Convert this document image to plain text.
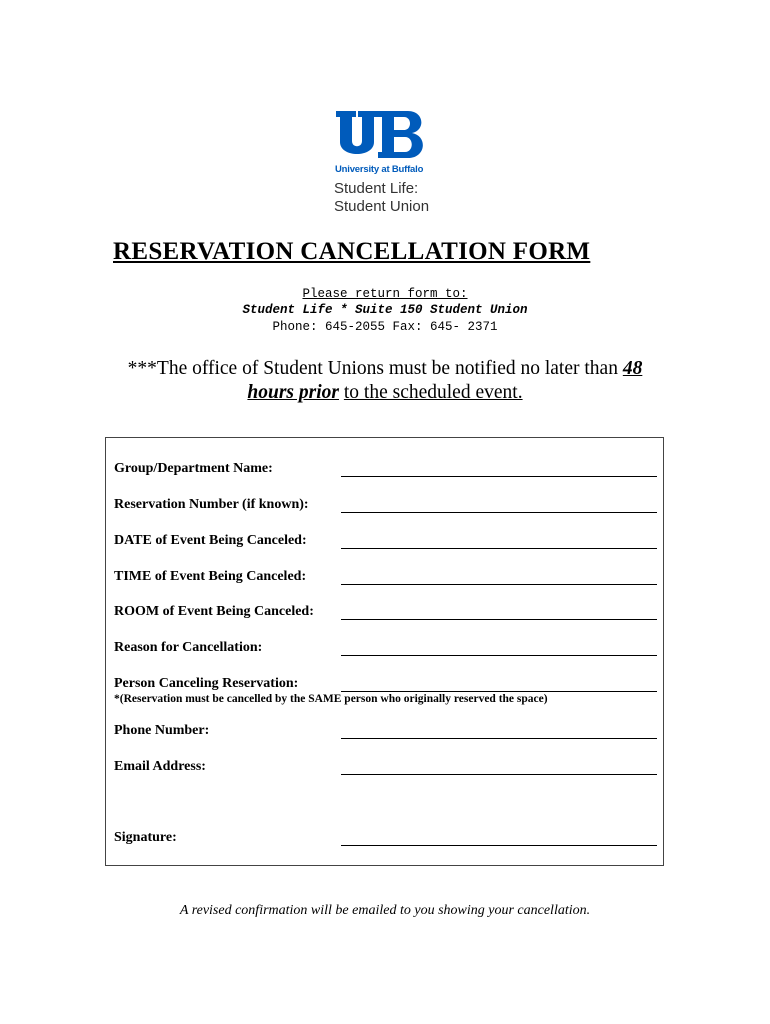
University at Buffalo
Student Life:
Student Union
RESERVATION CANCELLATION FORM
Please return form to:
Student Life * Suite 150 Student Union
Phone: 645-2055 Fax: 645- 2371
***The office of Student Unions must be notified no later than 48
hours prior to the scheduled event.
Group/Department Name:
Reservation Number (if known):
DATE of Event Being Canceled:
TIME of Event Being Canceled:
ROOM of Event Being Canceled:
Reason for Cancellation:
Person Canceling Reservation:
*(Reservation must be cancelled by the SAME person who originally reserved the space)
Phone Number:
Email Address:
Signature:
A revised confirmation will be emailed to you showing your cancellation.
